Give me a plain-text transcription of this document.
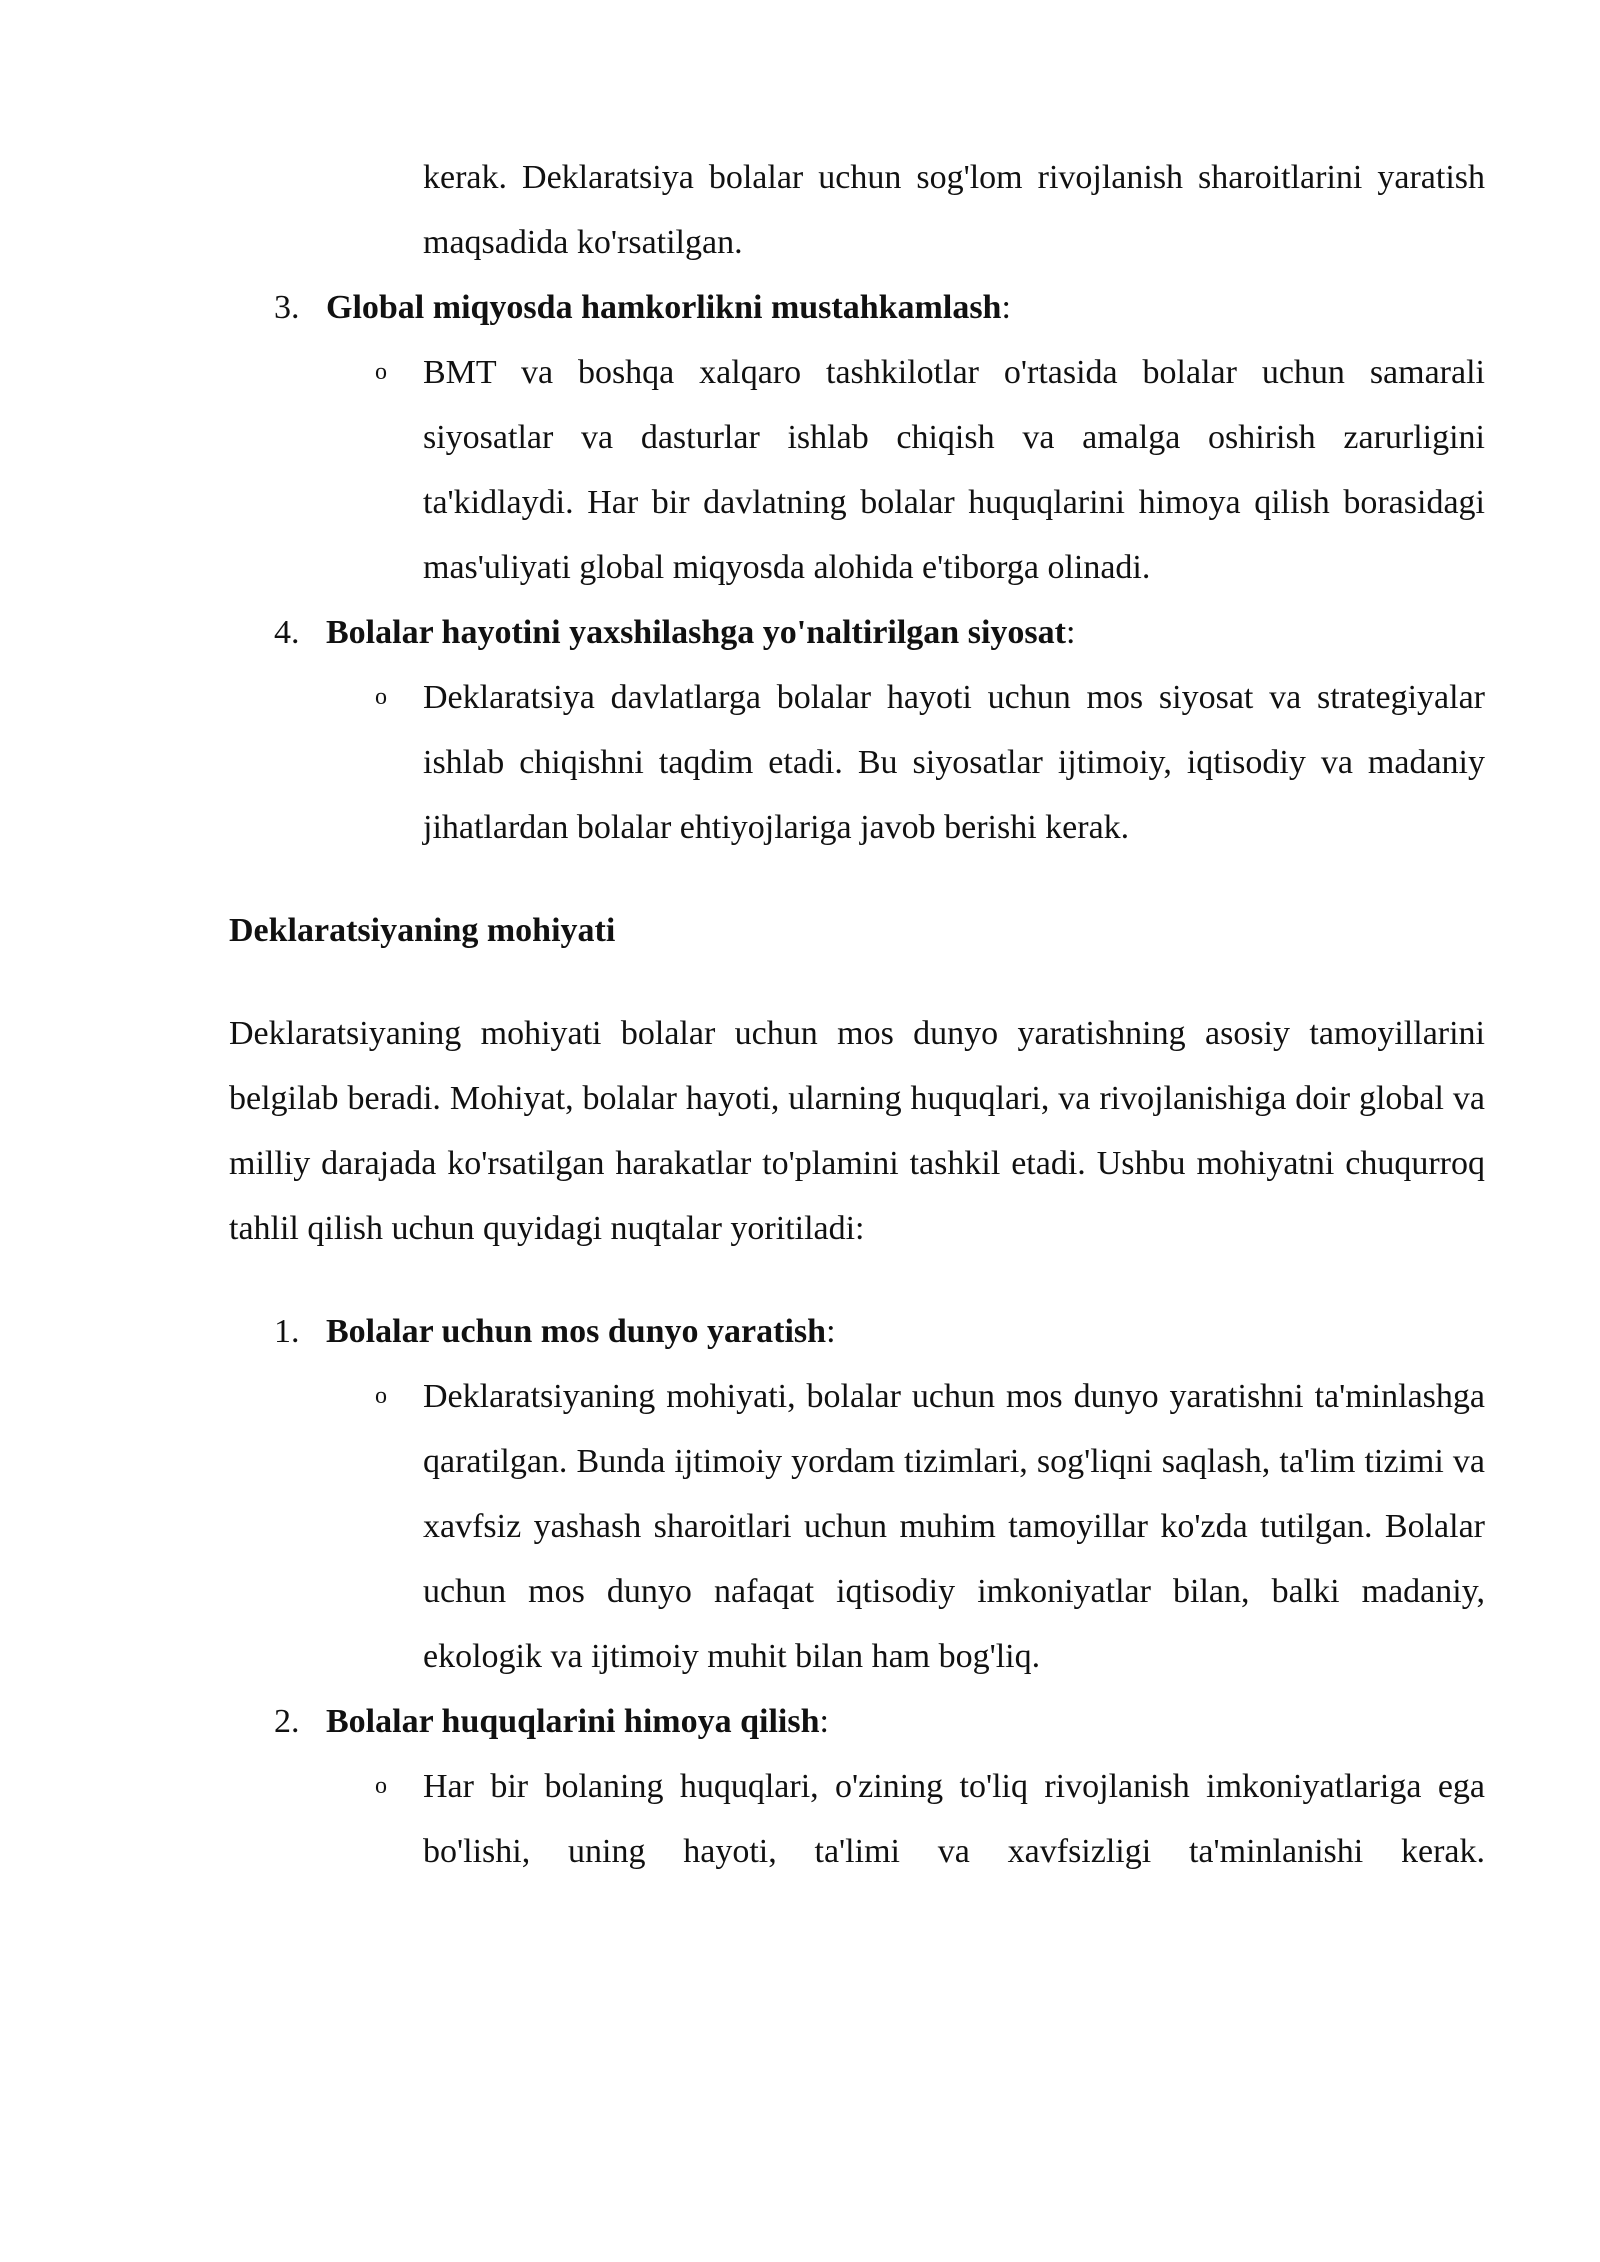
kerak. Deklaratsiya bolalar uchun sog'lom rivojlanish sharoitlarini yaratish maqsadida ko'rsatilgan.
3. Global miqyosda hamkorlikni mustahkamlash:
o BMT va boshqa xalqaro tashkilotlar o'rtasida bolalar uchun samarali siyosatlar va dasturlar ishlab chiqish va amalga oshirish zarurligini ta'kidlaydi. Har bir davlatning bolalar huquqlarini himoya qilish borasidagi mas'uliyati global miqyosda alohida e'tiborga olinadi.
4. Bolalar hayotini yaxshilashga yo'naltirilgan siyosat:
o Deklaratsiya davlatlarga bolalar hayoti uchun mos siyosat va strategiyalar ishlab chiqishni taqdim etadi. Bu siyosatlar ijtimoiy, iqtisodiy va madaniy jihatlardan bolalar ehtiyojlariga javob berishi kerak.
Deklaratsiyaning mohiyati
Deklaratsiyaning mohiyati bolalar uchun mos dunyo yaratishning asosiy tamoyillarini belgilab beradi. Mohiyat, bolalar hayoti, ularning huquqlari, va rivojlanishiga doir global va milliy darajada ko'rsatilgan harakatlar to'plamini tashkil etadi. Ushbu mohiyatni chuqurroq tahlil qilish uchun quyidagi nuqtalar yoritiladi:
1. Bolalar uchun mos dunyo yaratish:
o Deklaratsiyaning mohiyati, bolalar uchun mos dunyo yaratishni ta'minlashga qaratilgan. Bunda ijtimoiy yordam tizimlari, sog'liqni saqlash, ta'lim tizimi va xavfsiz yashash sharoitlari uchun muhim tamoyillar ko'zda tutilgan. Bolalar uchun mos dunyo nafaqat iqtisodiy imkoniyatlar bilan, balki madaniy, ekologik va ijtimoiy muhit bilan ham bog'liq.
2. Bolalar huquqlarini himoya qilish:
o Har bir bolaning huquqlari, o'zining to'liq rivojlanish imkoniyatlariga ega bo'lishi, uning hayoti, ta'limi va xavfsizligi ta'minlanishi kerak.
